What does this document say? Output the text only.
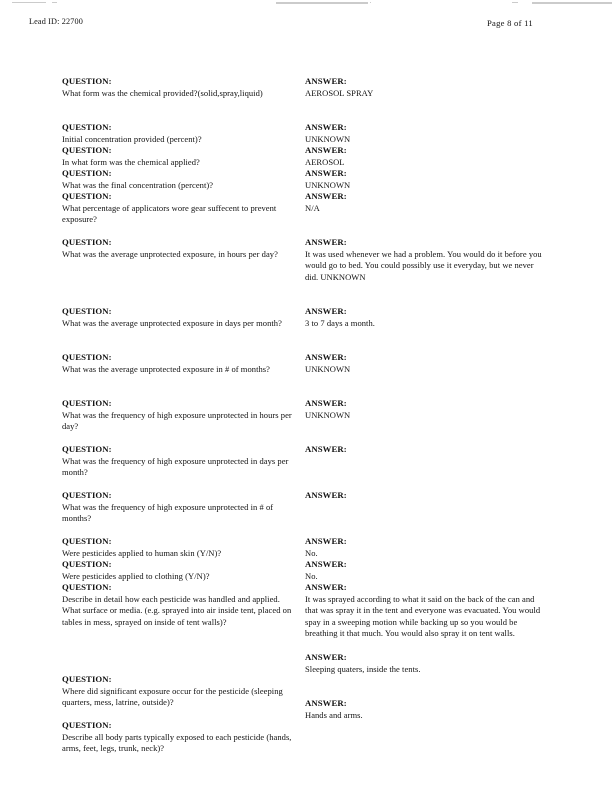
Lead ID: 22700	Page 8 of 11
QUESTION:
What form was the chemical provided?(solid,spray,liquid)
ANSWER:
AEROSOL SPRAY
QUESTION:
Initial concentration provided (percent)?
ANSWER:
UNKNOWN
QUESTION:
In what form was the chemical applied?
ANSWER:
AEROSOL
QUESTION:
What was the final concentration (percent)?
ANSWER:
UNKNOWN
QUESTION:
What percentage of applicators wore gear suffecent to prevent exposure?
ANSWER:
N/A
QUESTION:
What was the average unprotected exposure, in hours per day?
ANSWER:
It was used whenever we had a problem. You would do it before you would go to bed. You could possibly use it everyday, but we never did. UNKNOWN
QUESTION:
What was the average unprotected exposure in days per month?
ANSWER:
3 to 7 days a month.
QUESTION:
What was the average unprotected exposure in # of months?
ANSWER:
UNKNOWN
QUESTION:
What was the frequency of high exposure unprotected in hours per day?
ANSWER:
UNKNOWN
QUESTION:
What was the frequency of high exposure unprotected in days per month?
ANSWER:
QUESTION:
What was the frequency of high exposure unprotected in # of months?
ANSWER:
QUESTION:
Were pesticides applied to human skin (Y/N)?
ANSWER:
No.
QUESTION:
Were pesticides applied to clothing (Y/N)?
ANSWER:
No.
QUESTION:
Describe in detail how each pesticide was handled and applied. What surface or media. (e.g. sprayed into air inside tent, placed on tables in mess, sprayed on inside of tent walls)?
ANSWER:
It was sprayed according to what it said on the back of the can and that was spray it in the tent and everyone was evacuated. You would spay in a sweeping motion while backing up so you would be breathing it that much. You would also spray it on tent walls.
QUESTION:
Where did significant exposure occur for the pesticide (sleeping quarters, mess, latrine, outside)?
ANSWER:
Sleeping quaters, inside the tents.
QUESTION:
Describe all body parts typically exposed to each pesticide (hands, arms, feet, legs, trunk, neck)?
ANSWER:
Hands and arms.
